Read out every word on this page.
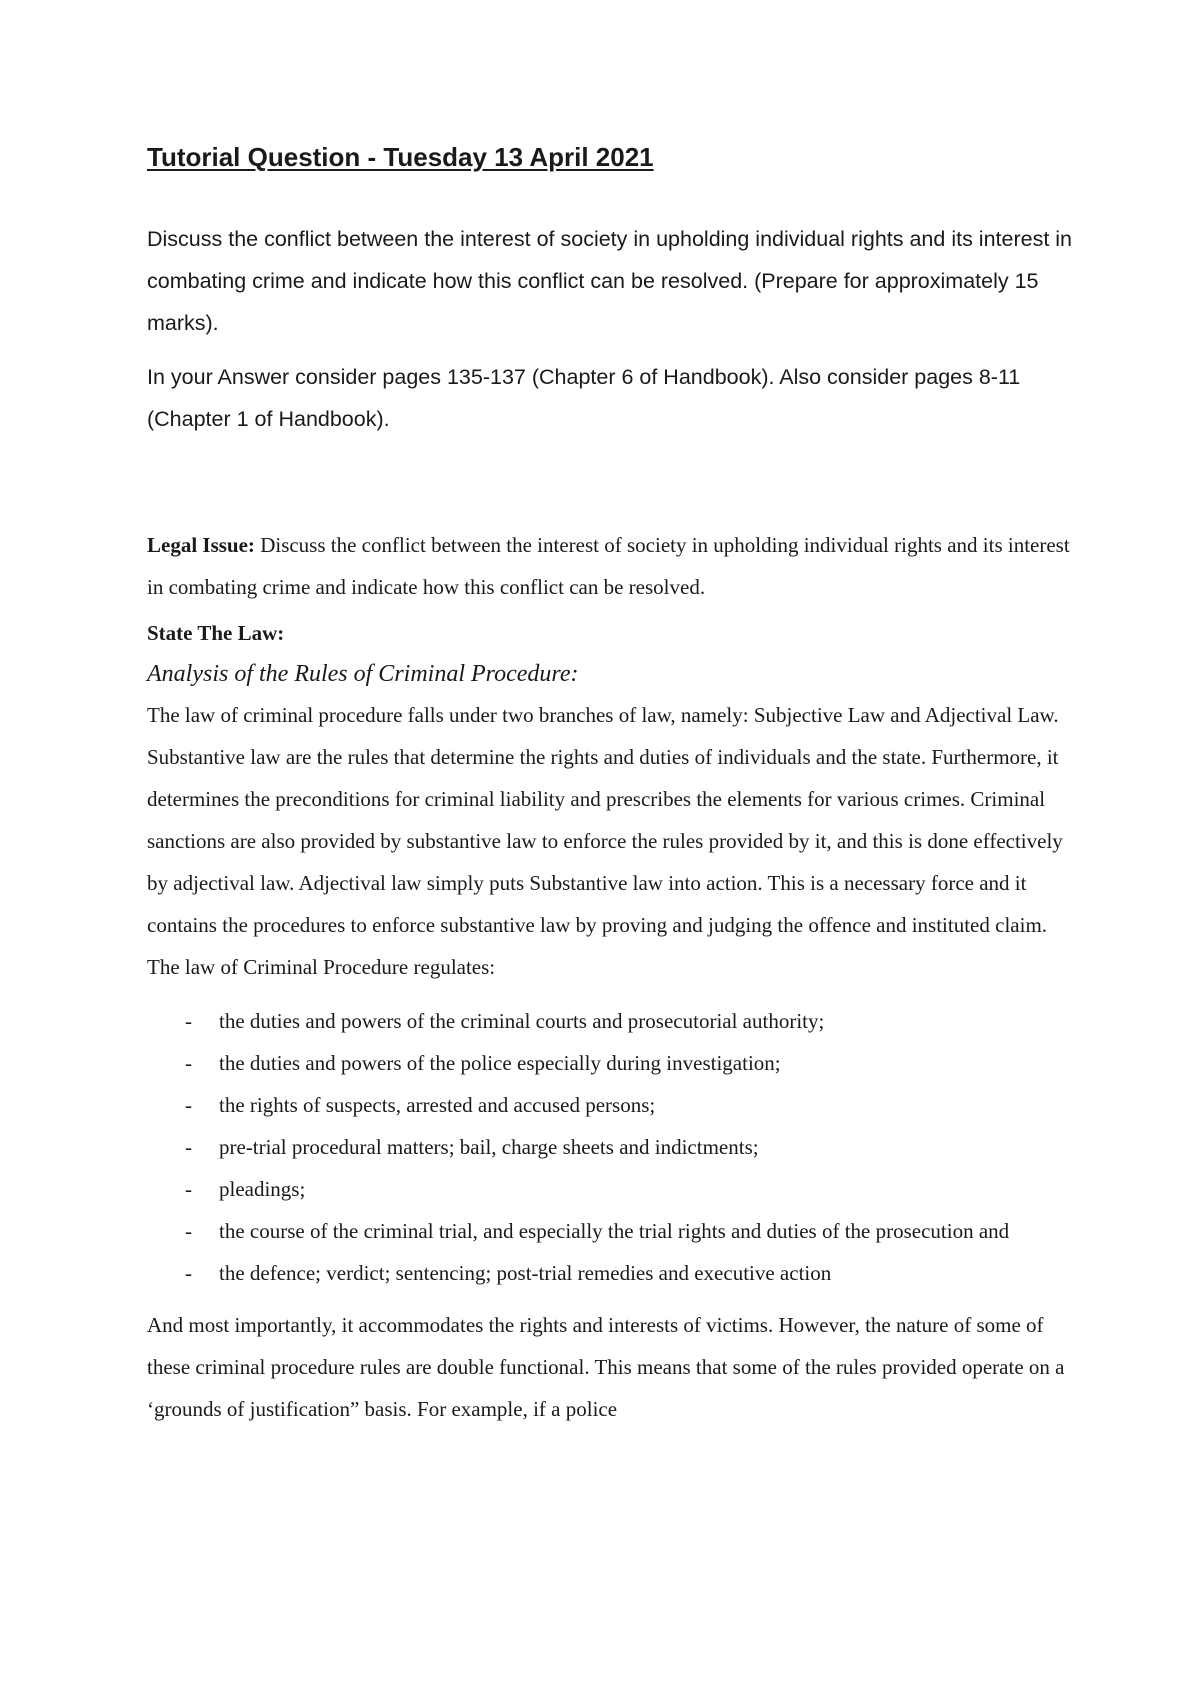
Tutorial Question - Tuesday 13 April 2021

Discuss the conflict between the interest of society in upholding individual rights and its interest in combating crime and indicate how this conflict can be resolved. (Prepare for approximately 15 marks).

In your Answer consider pages 135-137 (Chapter 6 of Handbook). Also consider pages 8-11 (Chapter 1 of Handbook).

Legal Issue: Discuss the conflict between the interest of society in upholding individual rights and its interest in combating crime and indicate how this conflict can be resolved.

State The Law:

Analysis of the Rules of Criminal Procedure:

The law of criminal procedure falls under two branches of law, namely: Subjective Law and Adjectival Law. Substantive law are the rules that determine the rights and duties of individuals and the state. Furthermore, it determines the preconditions for criminal liability and prescribes the elements for various crimes. Criminal sanctions are also provided by substantive law to enforce the rules provided by it, and this is done effectively by adjectival law. Adjectival law simply puts Substantive law into action. This is a necessary force and it contains the procedures to enforce substantive law by proving and judging the offence and instituted claim. The law of Criminal Procedure regulates:

- the duties and powers of the criminal courts and prosecutorial authority;
- the duties and powers of the police especially during investigation;
- the rights of suspects, arrested and accused persons;
- pre-trial procedural matters; bail, charge sheets and indictments;
- pleadings;
- the course of the criminal trial, and especially the trial rights and duties of the prosecution and
- the defence; verdict; sentencing; post-trial remedies and executive action

And most importantly, it accommodates the rights and interests of victims. However, the nature of some of these criminal procedure rules are double functional. This means that some of the rules provided operate on a ‘grounds of justification” basis. For example, if a police
